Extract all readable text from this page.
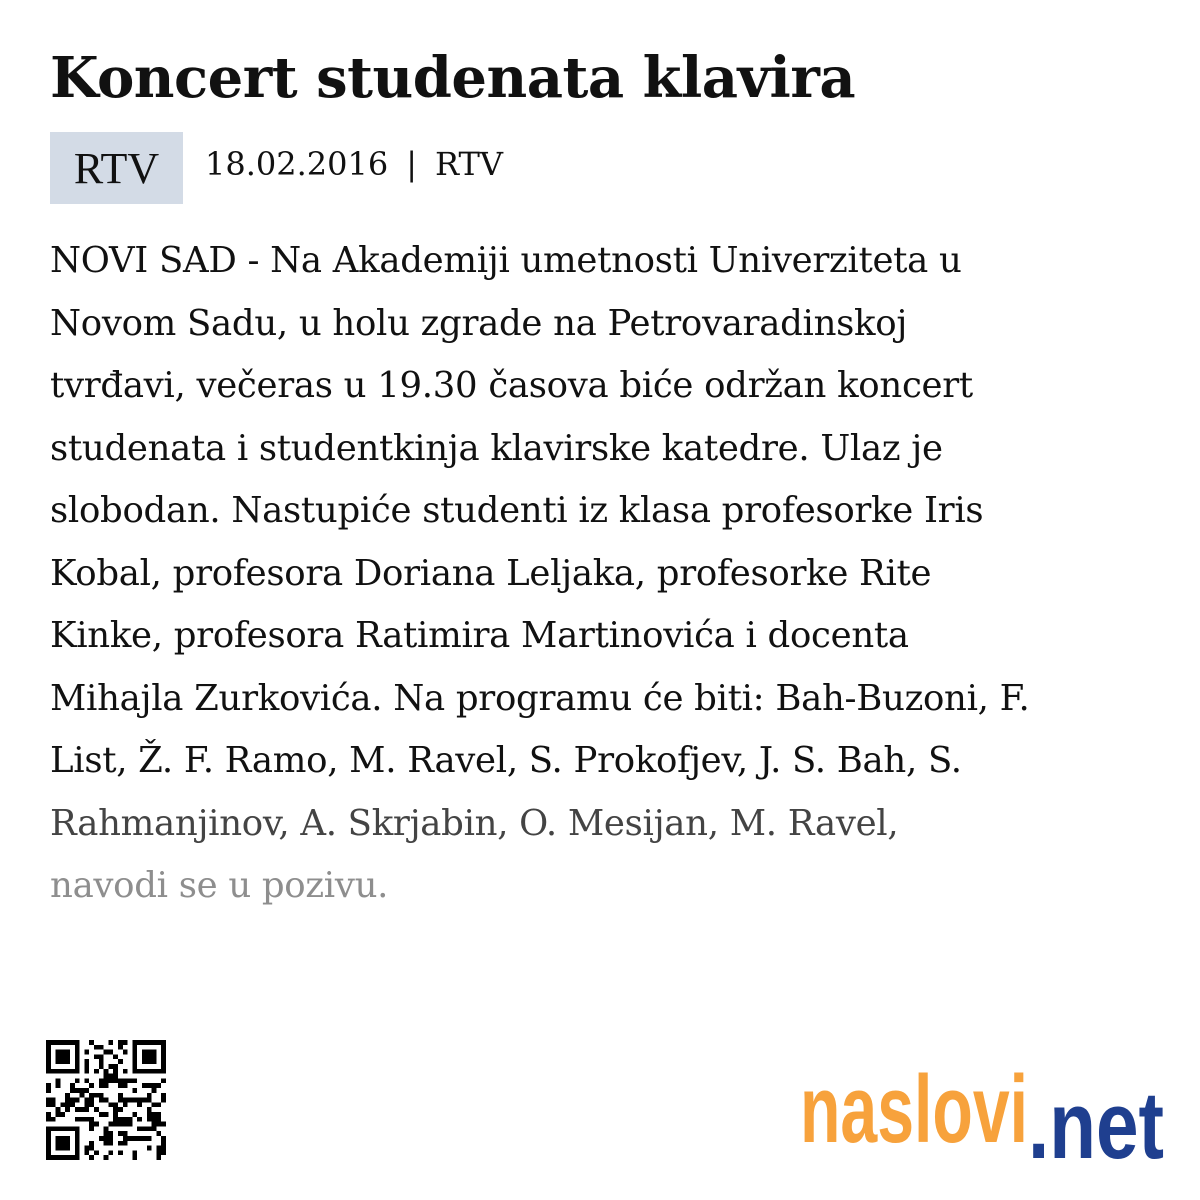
Koncert studenata klavira
RTV	18.02.2016 | RTV

NOVI SAD - Na Akademiji umetnosti Univerziteta u
Novom Sadu, u holu zgrade na Petrovaradinskoj
tvrđavi, večeras u 19.30 časova biće održan koncert
studenata i studentkinja klavirske katedre. Ulaz je
slobodan. Nastupiće studenti iz klasa profesorke Iris
Kobal, profesora Doriana Leljaka, profesorke Rite
Kinke, profesora Ratimira Martinovića i docenta
Mihajla Zurkovića. Na programu će biti: Bah-Buzoni, F.
List, Ž. F. Ramo, M. Ravel, S. Prokofjev, J. S. Bah, S.
Rahmanjinov, A. Skrjabin, O. Mesijan, M. Ravel,
navodi se u pozivu.

naslovi .net
